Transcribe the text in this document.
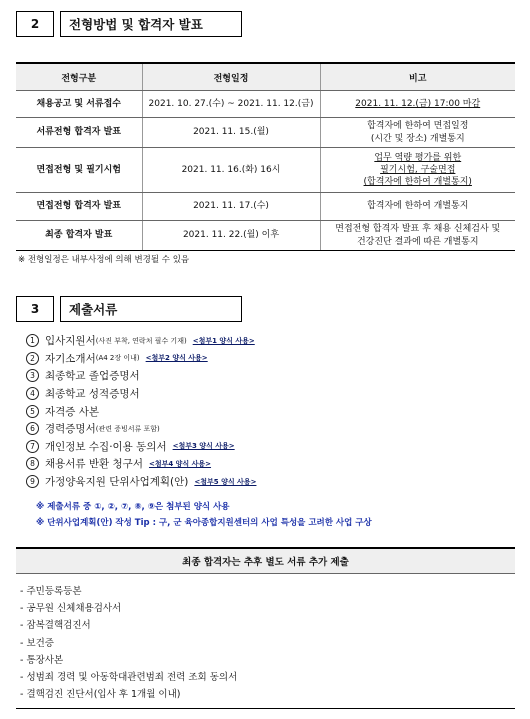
2	전형방법 및 합격자 발표
전형구분	전형일정	비고
채용공고 및 서류접수	2021. 10. 27.(수) ~ 2021. 11. 12.(금)	2021. 11. 12.(금) 17:00 마감
서류전형 합격자 발표	2021. 11. 15.(월)	합격자에 한하여 면접일정
(시간 및 장소) 개별통지

면접전형 및 필기시험	2021. 11. 16.(화) 16시	업무 역량 평가를 위한
필기시험, 구술면접
(합격자에 한하여 개별통지)

면접전형 합격자 발표	2021. 11. 17.(수)	합격자에 한하여 개별통지
최종 합격자 발표	2021. 11. 22.(월) 이후	면접전형 합격자 발표 후 채용 신체검사 및
건강진단 결과에 따른 개별통지
※ 전형일정은 내부사정에 의해 변경될 수 있음
3	제출서류
1 입사지원서 (사진 부착, 연락처 필수 기재) <첨부1 양식 사용>
2 자기소개서 (A4 2장 이내) <첨부2 양식 사용>
3 최종학교 졸업증명서
4 최종학교 성적증명서
5 자격증 사본
6 경력증명서 (관련 증빙서류 포함)
7 개인정보 수집·이용 동의서 <첨부3 양식 사용>
8 채용서류 반환 청구서 <첨부4 양식 사용>
9 가정양육지원 단위사업계획(안) <첨부5 양식 사용>
※ 제출서류 중 ①, ②, ⑦, ⑧, ⑨은 첨부된 양식 사용
※ 단위사업계획(안) 작성 Tip : 구, 군 육아종합지원센터의 사업 특성을 고려한 사업 구상
최종 합격자는 추후 별도 서류 추가 제출
- 주민등록등본
- 공무원 신체채용검사서
- 잠복결핵검진서
- 보건증
- 통장사본
- 성범죄 경력 및 아동학대관련범죄 전력 조회 동의서
- 결핵검진 진단서(입사 후 1개월 이내)
